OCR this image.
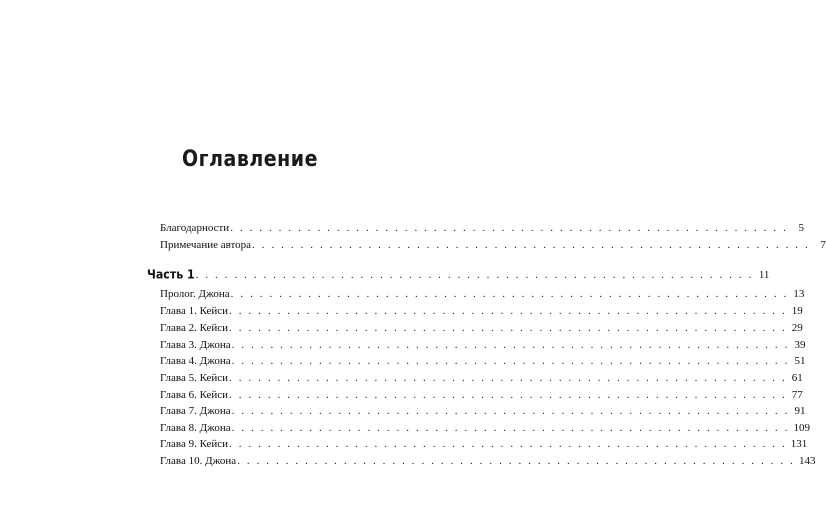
Оглавление
Благодарности . . . . . . . . . . . . . . . . . . . . . . . . . . . . . . . . . . . . . . . . . . . . . . . . . . . . . . . . . . 5
Примечание автора . . . . . . . . . . . . . . . . . . . . . . . . . . . . . . . . . . . . . . . . . . . . . . . . . . . . . . . . . . 7
Часть 1 . . . . . . . . . . . . . . . . . . . . . . . . . . . . . . . . . . . . . . . . . . . . . . . . . . . . . . . . . . 11
Пролог. Джона . . . . . . . . . . . . . . . . . . . . . . . . . . . . . . . . . . . . . . . . . . . . . . . . . . . . . . . . . . 13
Глава 1. Кейси . . . . . . . . . . . . . . . . . . . . . . . . . . . . . . . . . . . . . . . . . . . . . . . . . . . . . . . . . . 19
Глава 2. Кейси . . . . . . . . . . . . . . . . . . . . . . . . . . . . . . . . . . . . . . . . . . . . . . . . . . . . . . . . . . 29
Глава 3. Джона . . . . . . . . . . . . . . . . . . . . . . . . . . . . . . . . . . . . . . . . . . . . . . . . . . . . . . . . . . 39
Глава 4. Джона . . . . . . . . . . . . . . . . . . . . . . . . . . . . . . . . . . . . . . . . . . . . . . . . . . . . . . . . . . 51
Глава 5. Кейси . . . . . . . . . . . . . . . . . . . . . . . . . . . . . . . . . . . . . . . . . . . . . . . . . . . . . . . . . . 61
Глава 6. Кейси . . . . . . . . . . . . . . . . . . . . . . . . . . . . . . . . . . . . . . . . . . . . . . . . . . . . . . . . . . 77
Глава 7. Джона . . . . . . . . . . . . . . . . . . . . . . . . . . . . . . . . . . . . . . . . . . . . . . . . . . . . . . . . . . 91
Глава 8. Джона . . . . . . . . . . . . . . . . . . . . . . . . . . . . . . . . . . . . . . . . . . . . . . . . . . . . . . . . . . 109
Глава 9. Кейси . . . . . . . . . . . . . . . . . . . . . . . . . . . . . . . . . . . . . . . . . . . . . . . . . . . . . . . . . . 131
Глава 10. Джона . . . . . . . . . . . . . . . . . . . . . . . . . . . . . . . . . . . . . . . . . . . . . . . . . . . . . . . . . . 143
